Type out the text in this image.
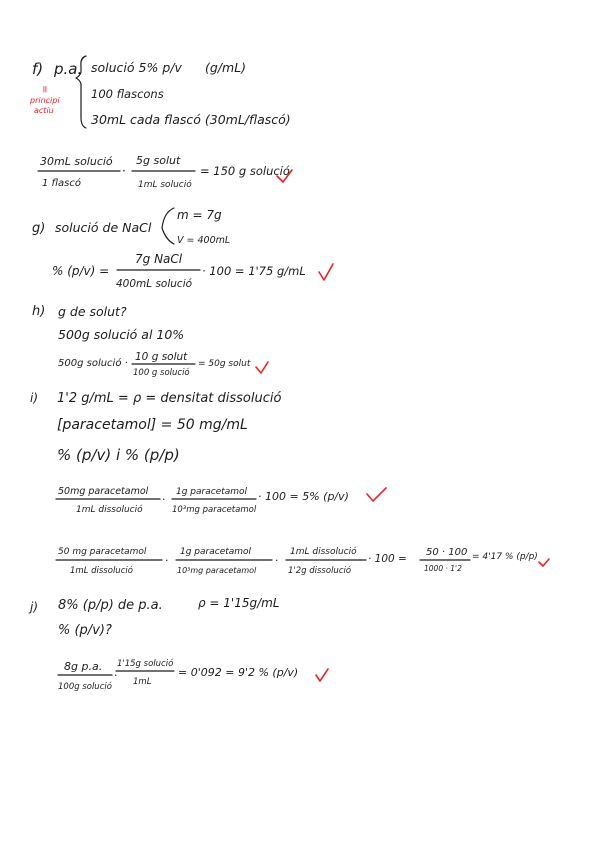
f) p.a. solució 5% p/v (g/mL)
100 flascons
30mL cada flascó (30mL/flascó)
=
principi
actiu
30mL solució
1 flascó
·
5g solut
1mL solució
= 150 g solució
g) solució de NaCl
m = 7g
V = 400mL
% (p/v) =
7g NaCl
400mL solució
· 100 = 1'75 g/mL
h) g de solut?
500g solució al 10%
500g solució ·
10 g solut
100 g solució
= 50g solut
i) 1'2 g/mL = ρ = densitat dissolució
[paracetamol] = 50 mg/mL
% (p/v) i % (p/p)
50mg paracetamol
1mL dissolució
·
1g paracetamol
10³mg paracetamol
· 100 = 5% (p/v)
50 mg paracetamol
1mL dissolució
·
1g paracetamol
10³mg paracetamol
·
1mL dissolució
1'2g dissolució
· 100 =
50 · 100
1000 · 1'2
= 4'17 % (p/p)
j) 8% (p/p) de p.a.	ρ = 1'15g/mL
% (p/v)?
8g p.a.
100g solució
·
1'15g solució
1mL
= 0'092 = 9'2 % (p/v)
